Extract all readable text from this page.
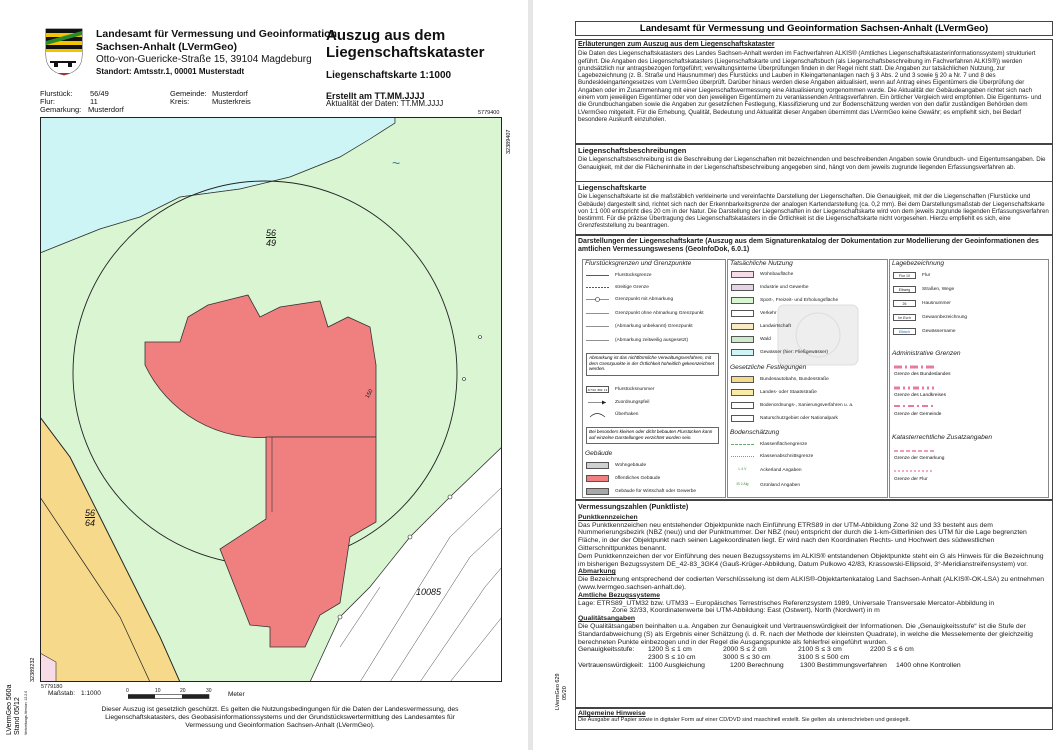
Landesamt für Vermessung und Geoinformation
Sachsen-Anhalt (LVermGeo)
Otto-von-Guericke-Straße 15, 39104 Magdeburg
Standort: Amtsstr.1, 00001 Musterstadt
Auszug aus dem
Liegenschaftskataster
Liegenschaftskarte 1:1000
Erstellt am TT.MM.JJJJ
Aktualität der Daten: TT.MM.JJJJ
Flurstück: 56/49
Flur:	11
Gemarkung: Musterdorf
Gemeinde: Musterdorf
Kreis:	Musterkreis
5779400
32389407
5779180
32389232
56
49
56
64
10085
150
~
Maßstab: 1:1000	0	10	20	30	Meter
Dieser Auszug ist gesetzlich geschützt. Es gelten die Nutzungsbedingungen für die Daten der Landesvermessung, des Liegenschaftskatasters, des Geobasisinformationssystems und der Grundstückswertermittlung des Landesamtes für Vermessung und Geoinformation Sachsen-Anhalt (LVermGeo).
LVermGeo 560a Stand 05/12 Verbreitungs-Version: 12.2.0
Landesamt für Vermessung und Geoinformation Sachsen-Anhalt (LVermGeo)
Erläuterungen zum Auszug aus dem Liegenschaftskataster

Die Daten des Liegenschaftskatasters des Landes Sachsen-Anhalt werden im Fachverfahren ALKIS® (Amtliches Liegenschaftskatasterinformationssystem) strukturiert geführt. Die Angaben des Liegenschaftskatasters (Liegenschaftskarte und Liegenschaftsbuch (als Liegenschaftsbeschreibung im Fachverfahren ALKIS®)) werden grundsätzlich nur antragsbezogen fortgeführt; verwaltungsinterne Überprüfungen finden in der Regel nicht statt. Die Angaben zur tatsächlichen Nutzung, zur Lagebezeichnung (z. B. Straße und Hausnummer) des Flurstücks und Lauben in Kleingartenanlagen nach § 3 Abs. 2 und 3 sowie § 20 a Nr. 7 und 8 des Bundeskleingartengesetzes vom LVermGeo überprüft. Darüber hinaus werden diese Angaben aktualisiert, wenn auf Antrag eines Eigentümers die Überprüfung der Angaben oder im Zusammenhang mit einer Liegenschaftsvermessung eine Aktualisierung vorgenommen wurde. Die Aktualität der Gebäudeangaben richtet sich nach einem vom jeweiligen Eigentümer oder von den jeweiligen Eigentümern zu veranlassenden Antragsverfahren. Ein örtlicher Vergleich wird empfohlen. Die Eigentums- und die Grundbuchangaben sowie die Angaben zur gesetzlichen Festlegung, Klassifizierung und zur Bodenschätzung werden von den dafür zuständigen Behörden dem LVermGeo mitgeteilt. Für die Erhebung, Qualität, Bedeutung und Aktualität dieser Angaben übernimmt das LVermGeo keine Gewähr; es empfiehlt sich, bei Bedarf besondere Auskunft einzuholen.

Liegenschaftsbeschreibungen

Die Liegenschaftsbeschreibung ist die Beschreibung der Liegenschaften mit bezeichnenden und beschreibenden Angaben sowie Grundbuch- und Eigentumsangaben. Die Genauigkeit, mit der die Flächeninhalte in der Liegenschaftsbeschreibung angegeben sind, hängt von dem jeweils zugrunde liegenden Erfassungsverfahren ab.

Liegenschaftskarte

Die Liegenschaftskarte ist die maßstäblich verkleinerte und vereinfachte Darstellung der Liegenschaften. Die Genauigkeit, mit der die Liegenschaften (Flurstücke und Gebäude) dargestellt sind, richtet sich nach der Erkennbarkeitsgrenze der analogen Kartendarstellung (ca. 0,2 mm). Bei dem Darstellungsmaßstab der Liegenschaftskarte von 1:1 000 entspricht dies 20 cm in der Natur. Die Darstellung der Liegenschaften in der Liegenschaftskarte wird von dem jeweils zugrunde liegenden Erfassungsverfahren bestimmt. Für die präzise Übertragung des Liegenschaftskatasters in die Örtlichkeit ist die Liegenschaftskarte nicht vorgesehen. Hierzu empfiehlt es sich, eine Grenzfeststellung zu beantragen.

Darstellungen der Liegenschaftskarte (Auszug aus dem Signaturenkatalog der Dokumentation zur Modellierung der Geoinformationen des amtlichen Vermessungswesens (GeoInfoDok, 6.0.1)
Flurstücksgrenzen und Grenzpunkte
Flurstücksgrenze
streitige Grenze
Grenzpunkt mit Abmarkung
Grenzpunkt ohne Abmarkung Grenzpunkt
(Abmarkung unbekannt) Grenzpunkt
(Abmarkung zeitweilig ausgesetzt)
Abmarkung ist das nichtförmliche Verwaltungsverfahren, mit dem Grenzpunkte in der Örtlichkeit hoheitlich gekennzeichnet werden.
4/7/10 882 13 Flurstücksnummer
Zuordnungspfeil
Überhaken
Bei besonders kleinen oder dicht bebauten Flurstücken kann auf einzelne Darstellungen verzichtet worden sein.
Gebäude
Wohngebäude
öffentliches Gebäude
Gebäude für Wirtschaft oder Gewerbe
Tatsächliche Nutzung
Wohnbaufläche
Industrie und Gewerbe
Sport-, Freizeit- und Erholungsfläche
Verkehr
Landwirtschaft
Wald
Gewässer (hier: Fließgewässer)
Gesetzliche Festlegungen
Bundesautobahn, Bundesstraße
Landes- oder Staatsstraße
Bodenordnungs-, Sanierungsverfahren u. a.
Naturschutzgebiet oder Nationalpark
Bodenschätzung
Klassenflächengrenze
Klassenabschnittsgrenze
L 4 V	Ackerland Angaben
lS 2 Alg	Grünland Angaben
Lagebezeichnung
Flur 10	Flur
Elbweg	Straßen, Wege
26	Hausnummer
Im Esch	Gewannbezeichnung
Elbisch	Gewässername
Administrative Grenzen
Grenze des Bundeslandes
Grenze des Landkreises
Grenze der Gemeinde
Katasterrechtliche Zusatzangaben
Grenze der Gemarkung
Grenze der Flur
Vermessungszahlen (Punktliste)
Punktkennzeichen

Das Punktkennzeichen neu entstehender Objektpunkte nach Einführung ETRS89 in der UTM-Abbildung Zone 32 und 33 besteht aus dem Nummerierungsbezirk (NBZ (neu)) und der Punktnummer. Der NBZ (neu) entspricht der durch die 1-km-Gitterlinien des UTM für die Lage begrenzten Fläche, in der der Objektpunkt nach seinen Lagekoordinaten liegt. Er wird nach den Koordinaten Rechts- und Hochwert des südwestlichen Gitterschnittpunktes benannt.

Dem Punktkennzeichen der vor Einführung des neuen Bezugssystems im ALKIS® entstandenen Objektpunkte steht ein G als Hinweis für die Bezeichnung im bisherigen Bezugssystem DE_42-83_3GK4 (Gauß-Krüger-Abbildung, Datum Pulkowo 42/83, Krassowski-Ellipsoid, 3°-Meridianstreifensystem) vor.

Abmarkung

Die Bezeichnung entsprechend der codierten Verschlüsselung ist dem ALKIS®-Objektartenkatalog Land Sachsen-Anhalt (ALKIS®-OK-LSA) zu entnehmen (www.lvermgeo.sachsen-anhalt.de).

Amtliche Bezugssysteme

Lage: ETRS89_UTM32 bzw. UTM33 – Europäisches Terrestrisches Referenzsystem 1989, Universale Transversale Mercator-Abbildung in

Zone 32/33, Koordinatenwerte bei UTM-Abbildung: East (Ostwert), North (Nordwert) in m

Qualitätsangaben

Die Qualitätsangaben beinhalten u.a. Angaben zur Genauigkeit und Vertrauenswürdigkeit der Informationen. Die „Genauigkeitsstufe“ ist die Stufe der Standardabweichung (S) als Ergebnis einer Schätzung (i. d. R. nach der Methode der kleinsten Quadrate), in welche die Messelemente der gleichzeitig berechneten Punkte einbezogen und in der Regel die Ausgangspunkte als fehlerfrei eingeführt wurden.

Genauigkeitsstufe: 1200 S ≤ 1 cm	2000 S ≤ 2 cm	2100 S ≤ 3 cm	2200 S ≤ 6 cm
2300 S ≤ 10 cm	3000 S ≤ 30 cm	3100 S ≤ 500 cm
Vertrauenswürdigkeit: 1100 Ausgleichung	1200 Berechnung 1300 Bestimmungsverfahren 1400 ohne Kontrollen
Allgemeine Hinweise

Die Ausgabe auf Papier sowie in digitaler Form auf einer CD/DVD sind maschinell erstellt. Sie gelten als unterschrieben und gesiegelt.

LVermGeo 629 05/20
